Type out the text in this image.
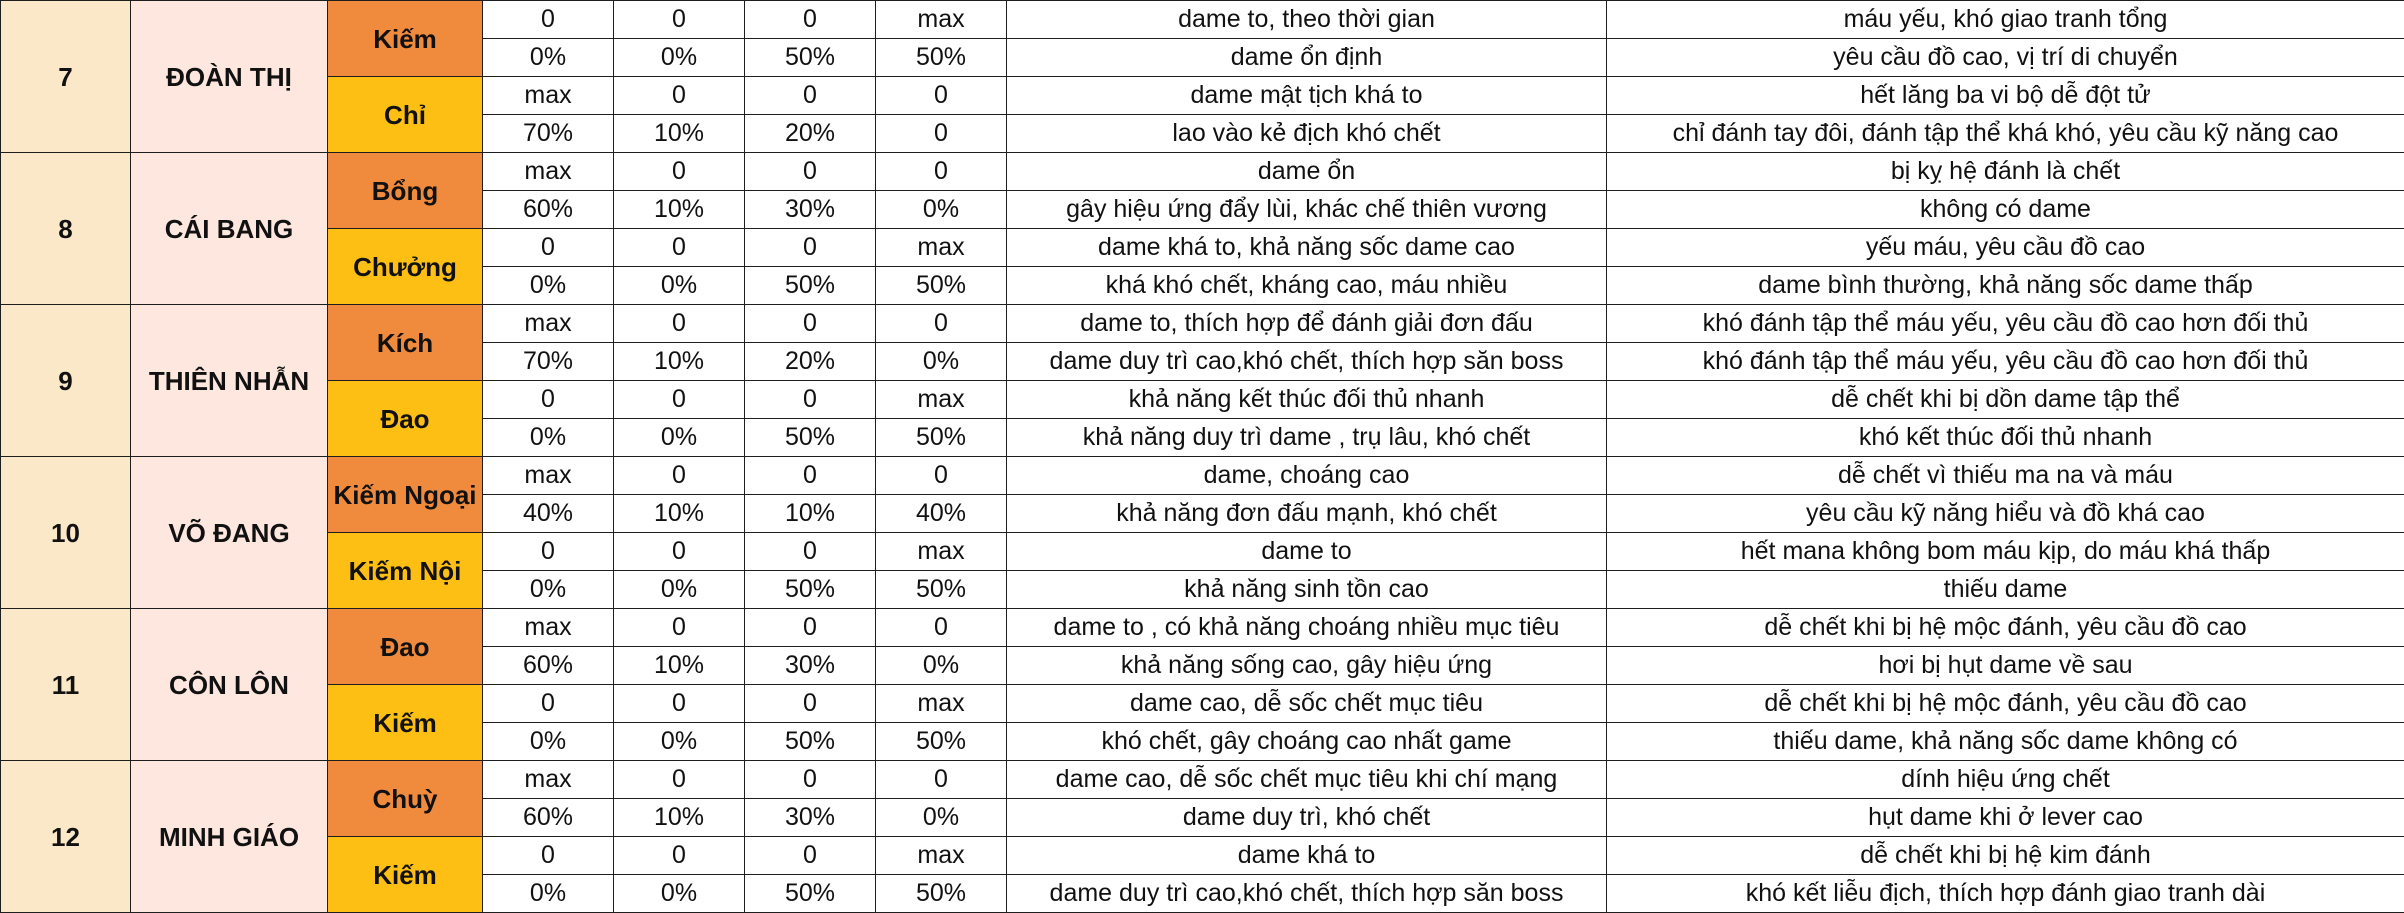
7	ĐOÀN THỊ	Kiếm	0	0	0	max	dame to, theo thời gian	máu yếu, khó giao tranh tổng
			0%	0%	50%	50%	dame ổn định	yêu cầu đồ cao, vị trí di chuyển
		Chỉ	max	0	0	0	dame mật tịch khá to	hết lăng ba vi bộ dễ đột tử
			70%	10%	20%	0	lao vào kẻ địch khó chết	chỉ đánh tay đôi, đánh tập thể khá khó, yêu cầu kỹ năng cao
8	CÁI BANG	Bổng	max	0	0	0	dame ổn	bị kỵ hệ đánh là chết
			60%	10%	30%	0%	gây hiệu ứng đẩy lùi, khác chế thiên vương	không có dame
		Chưởng	0	0	0	max	dame khá to, khả năng sốc dame cao	yếu máu, yêu cầu đồ cao
			0%	0%	50%	50%	khá khó chết, kháng cao, máu nhiều	dame bình thường, khả năng sốc dame thấp
9	THIÊN NHẪN	Kích	max	0	0	0	dame to, thích hợp để đánh giải đơn đấu	khó đánh tập thể máu yếu, yêu cầu đồ cao hơn đối thủ
			70%	10%	20%	0%	dame duy trì cao,khó chết, thích hợp săn boss	khó đánh tập thể máu yếu, yêu cầu đồ cao hơn đối thủ
		Đao	0	0	0	max	khả năng kết thúc đối thủ nhanh	dễ chết khi bị dồn dame tập thể
			0%	0%	50%	50%	khả năng duy trì dame , trụ lâu, khó chết	khó kết thúc đối thủ nhanh
10	VÕ ĐANG	Kiếm Ngoại	max	0	0	0	dame, choáng cao	dễ chết vì thiếu ma na và máu
			40%	10%	10%	40%	khả năng đơn đấu mạnh, khó chết	yêu cầu kỹ năng hiểu và đồ khá cao
		Kiếm Nội	0	0	0	max	dame to	hết mana không bom máu kịp, do máu khá thấp
			0%	0%	50%	50%	khả năng sinh tồn cao	thiếu dame
11	CÔN LÔN	Đao	max	0	0	0	dame to , có khả năng choáng nhiều mục tiêu	dễ chết khi bị hệ mộc đánh, yêu cầu đồ cao
			60%	10%	30%	0%	khả năng sống cao, gây hiệu ứng	hơi bị hụt dame về sau
		Kiếm	0	0	0	max	dame cao, dễ sốc chết mục tiêu	dễ chết khi bị hệ mộc đánh, yêu cầu đồ cao
			0%	0%	50%	50%	khó chết, gây choáng cao nhất game	thiếu dame, khả năng sốc dame không có
12	MINH GIÁO	Chuỳ	max	0	0	0	dame cao, dễ sốc chết mục tiêu khi chí mạng	dính hiệu ứng chết
			60%	10%	30%	0%	dame duy trì, khó chết	hụt dame khi ở lever cao
		Kiếm	0	0	0	max	dame khá to	dễ chết khi bị hệ kim đánh
			0%	0%	50%	50%	dame duy trì cao,khó chết, thích hợp săn boss	khó kết liễu địch, thích hợp đánh giao tranh dài
